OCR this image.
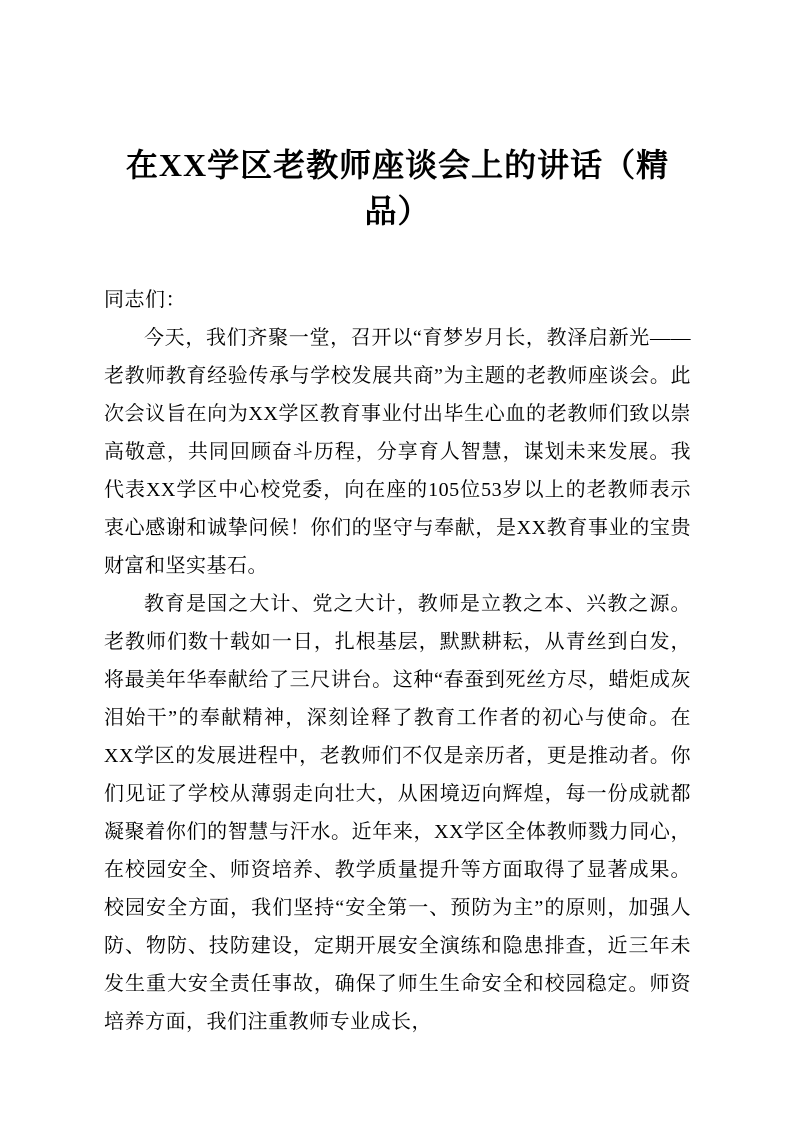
在XX学区老教师座谈会上的讲话（精品）

同志们：

今天，我们齐聚一堂，召开以“育梦岁月长，教泽启新光——老教师教育经验传承与学校发展共商”为主题的老教师座谈会。此次会议旨在向为XX学区教育事业付出毕生心血的老教师们致以崇高敬意，共同回顾奋斗历程，分享育人智慧，谋划未来发展。我代表XX学区中心校党委，向在座的105位53岁以上的老教师表示衷心感谢和诚挚问候！你们的坚守与奉献，是XX教育事业的宝贵财富和坚实基石。

教育是国之大计、党之大计，教师是立教之本、兴教之源。老教师们数十载如一日，扎根基层，默默耕耘，从青丝到白发，将最美年华奉献给了三尺讲台。这种“春蚕到死丝方尽，蜡炬成灰泪始干”的奉献精神，深刻诠释了教育工作者的初心与使命。在XX学区的发展进程中，老教师们不仅是亲历者，更是推动者。你们见证了学校从薄弱走向壮大，从困境迈向辉煌，每一份成就都凝聚着你们的智慧与汗水。近年来，XX学区全体教师戮力同心，在校园安全、师资培养、教学质量提升等方面取得了显著成果。校园安全方面，我们坚持“安全第一、预防为主”的原则，加强人防、物防、技防建设，定期开展安全演练和隐患排查，近三年未发生重大安全责任事故，确保了师生生命安全和校园稳定。师资培养方面，我们注重教师专业成长，
